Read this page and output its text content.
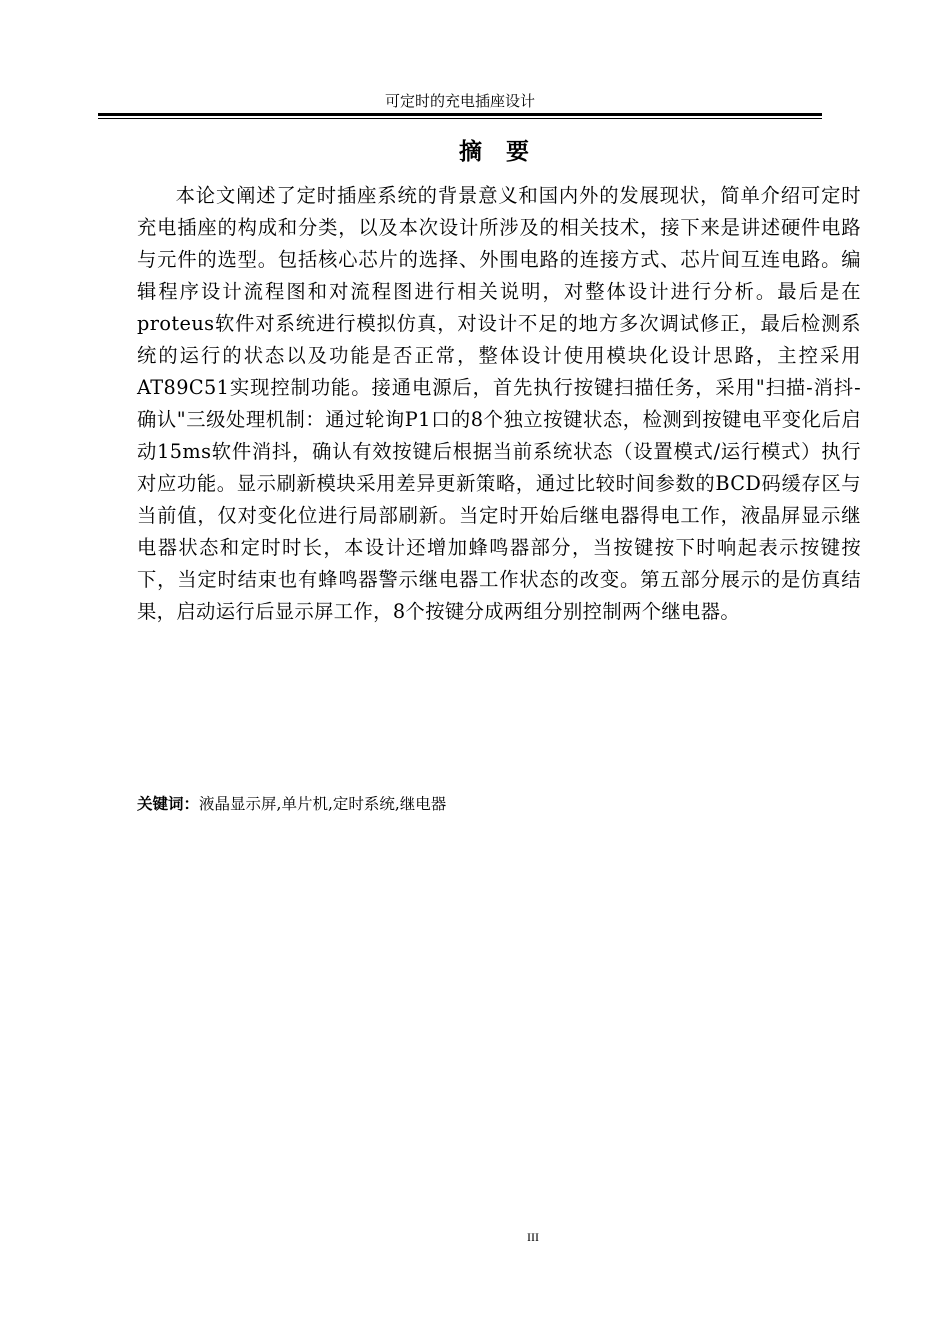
可定时的充电插座设计
摘 要

本论文阐述了定时插座系统的背景意义和国内外的发展现状，简单介绍可定时充电插座的构成和分类，以及本次设计所涉及的相关技术，接下来是讲述硬件电路与元件的选型。包括核心芯片的选择、外围电路的连接方式、芯片间互连电路。编辑程序设计流程图和对流程图进行相关说明，对整体设计进行分析。最后是在proteus软件对系统进行模拟仿真，对设计不足的地方多次调试修正，最后检测系统的运行的状态以及功能是否正常，整体设计使用模块化设计思路，主控采用AT89C51实现控制功能。接通电源后，首先执行按键扫描任务，采用"扫描-消抖-确认"三级处理机制：通过轮询P1口的8个独立按键状态，检测到按键电平变化后启动15ms软件消抖，确认有效按键后根据当前系统状态（设置模式/运行模式）执行对应功能。显示刷新模块采用差异更新策略，通过比较时间参数的BCD码缓存区与当前值，仅对变化位进行局部刷新。当定时开始后继电器得电工作，液晶屏显示继电器状态和定时时长，本设计还增加蜂鸣器部分，当按键按下时响起表示按键按下，当定时结束也有蜂鸣器警示继电器工作状态的改变。第五部分展示的是仿真结果，启动运行后显示屏工作，8个按键分成两组分别控制两个继电器。

关键词：液晶显示屏,单片机,定时系统,继电器
III
